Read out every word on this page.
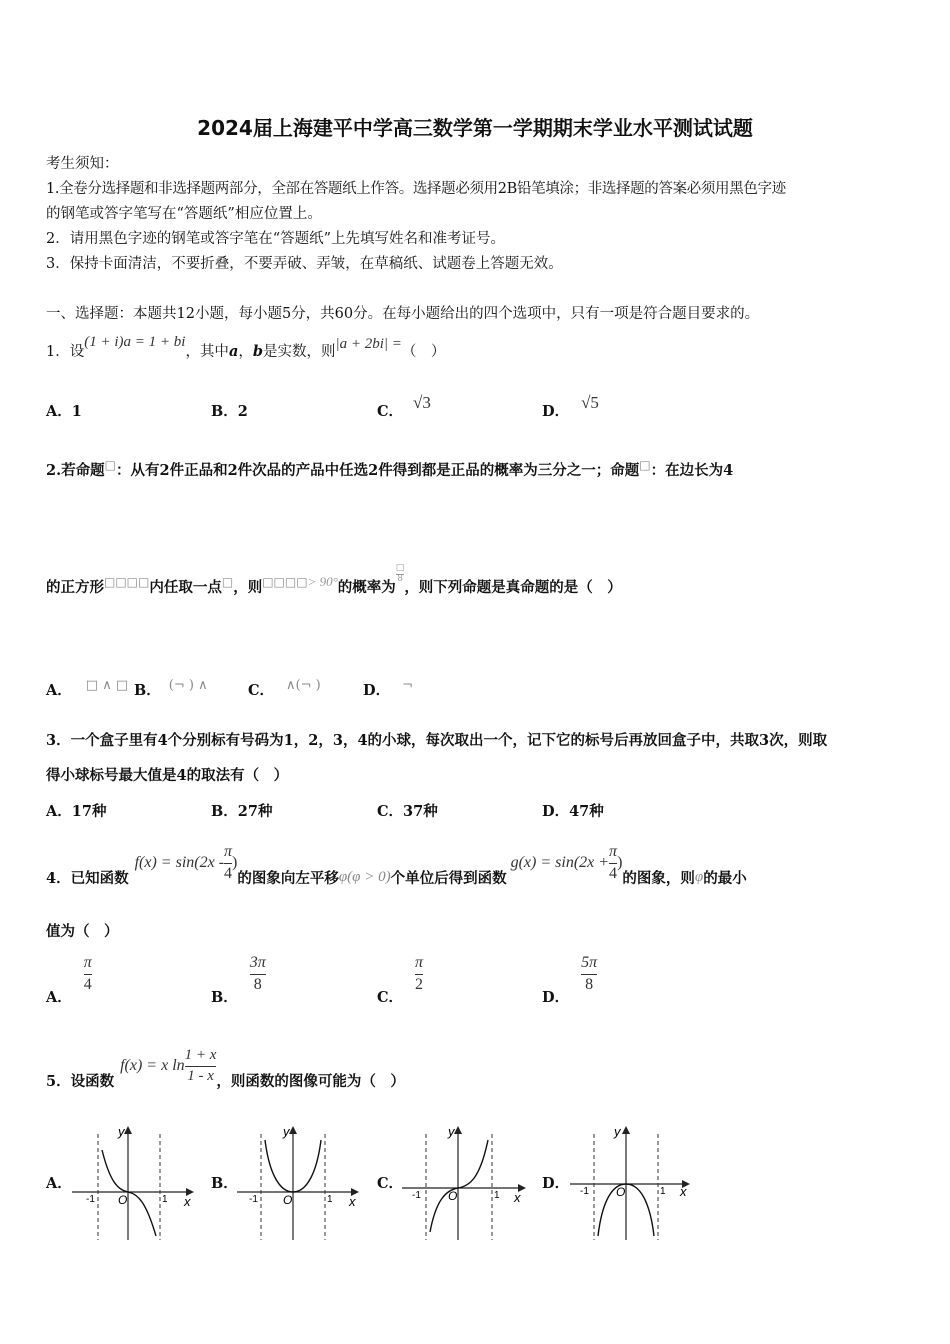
2024届上海建平中学高三数学第一学期期末学业水平测试试题
考生须知：
1.全卷分选择题和非选择题两部分，全部在答题纸上作答。选择题必须用2B铅笔填涂；非选择题的答案必须用黑色字迹
的钢笔或答字笔写在“答题纸”相应位置上。
2．请用黑色字迹的钢笔或答字笔在“答题纸”上先填写姓名和准考证号。
3．保持卡面清洁，不要折叠，不要弄破、弄皱，在草稿纸、试题卷上答题无效。
一、选择题：本题共12小题，每小题5分，共60分。在每小题给出的四个选项中，只有一项是符合题目要求的。
1．设(1 + i)a = 1 + bi，其中a，b是实数，则|a + 2bi| =（　）
A．1	B．2	C． √3	D． √5
2.若命题□：从有2件正品和2件次品的产品中任选2件得到都是正品的概率为三分之一；命题□：在边长为4
的正方形□□□□内任取一点□，则□□□□> 90°的概率为
□
8
，则下列命题是真命题的是（　）
A． □ ∧ □ B． (¬ ) ∧	C． ∧(¬ )	D． ¬
3．一个盒子里有4个分别标有号码为1，2，3，4的小球，每次取出一个，记下它的标号后再放回盒子中，共取3次，则取
得小球标号最大值是4的取法有（　）
A．17种	B．27种	C．37种	D．47种
4．已知函数$f(x) = \sin(2x - \frac{\pi}{4}$ )的图象向左平移φ(φ > 0)个单位后得到函数$g(x) = \sin(2x + \frac{\pi}{4}$ )的图象，则φ的最小
值为（　）
A．
$\frac{\pi}{4}$
B．
$\frac{3\pi}{8}$
C．
$\frac{\pi}{2}$
D．
$\frac{5\pi}{8}$
5．设函数f(x) = x $\ln \frac{1 + x}{1 - x}$ ，则函数的图像可能为（　）
A．	B．	C．	D．
y
x
O
-1	1
y
x
O
-1	1
y
x
O
-1	1
y
x
O
-1	1
